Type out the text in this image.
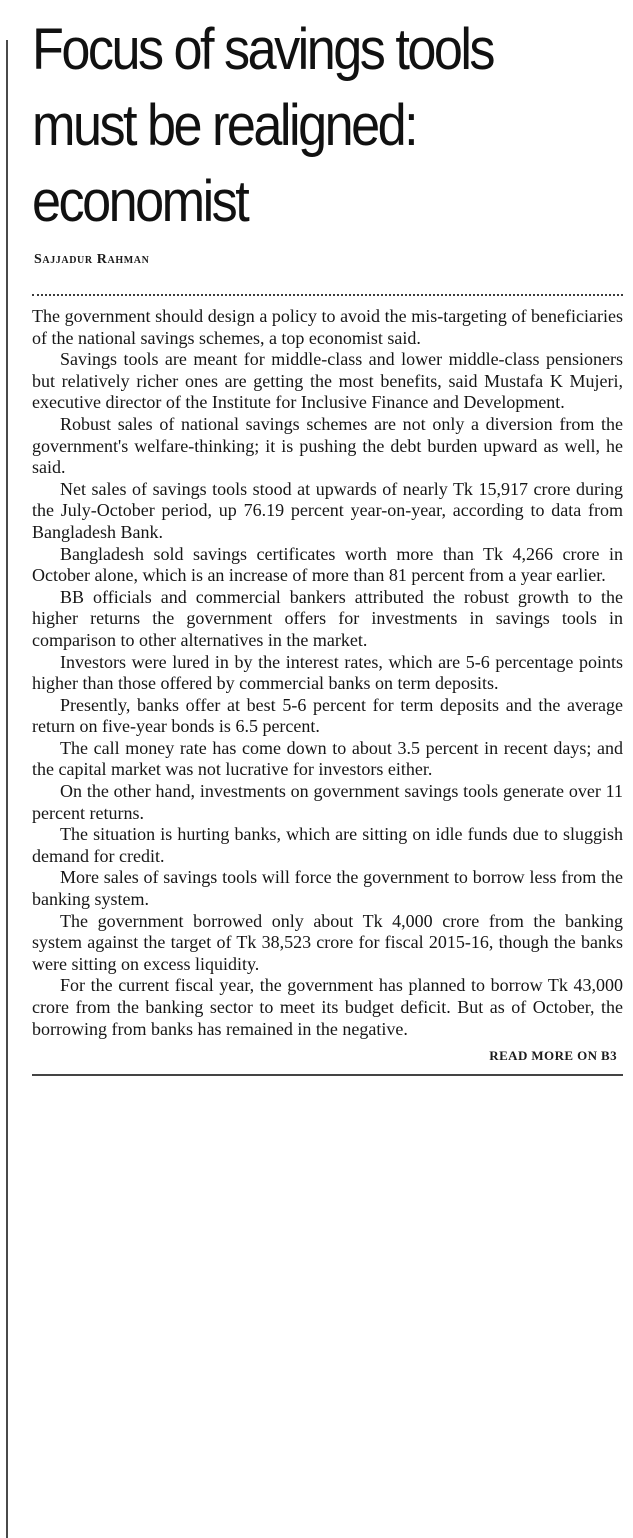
Focus of savings tools
must be realigned:
economist
Sajjadur Rahman

The government should design a policy to avoid the mis-targeting of beneficiaries of the national savings schemes, a top economist said.

Savings tools are meant for middle-class and lower middle-class pensioners but relatively richer ones are getting the most benefits, said Mustafa K Mujeri, executive director of the Institute for Inclusive Finance and Development.

Robust sales of national savings schemes are not only a diversion from the government's welfare-thinking; it is pushing the debt burden upward as well, he said.

Net sales of savings tools stood at upwards of nearly Tk 15,917 crore during the July-October period, up 76.19 percent year-on-year, according to data from Bangladesh Bank.

Bangladesh sold savings certificates worth more than Tk 4,266 crore in October alone, which is an increase of more than 81 percent from a year earlier.

BB officials and commercial bankers attributed the robust growth to the higher returns the government offers for investments in savings tools in comparison to other alternatives in the market.

Investors were lured in by the interest rates, which are 5-6 percentage points higher than those offered by commercial banks on term deposits.

Presently, banks offer at best 5-6 percent for term deposits and the average return on five-year bonds is 6.5 percent.

The call money rate has come down to about 3.5 percent in recent days; and the capital market was not lucrative for investors either.

On the other hand, investments on government savings tools generate over 11 percent returns.

The situation is hurting banks, which are sitting on idle funds due to sluggish demand for credit.

More sales of savings tools will force the government to borrow less from the banking system.

The government borrowed only about Tk 4,000 crore from the banking system against the target of Tk 38,523 crore for fiscal 2015-16, though the banks were sitting on excess liquidity.

For the current fiscal year, the government has planned to borrow Tk 43,000 crore from the banking sector to meet its budget deficit. But as of October, the borrowing from banks has remained in the negative.

READ MORE ON B3
